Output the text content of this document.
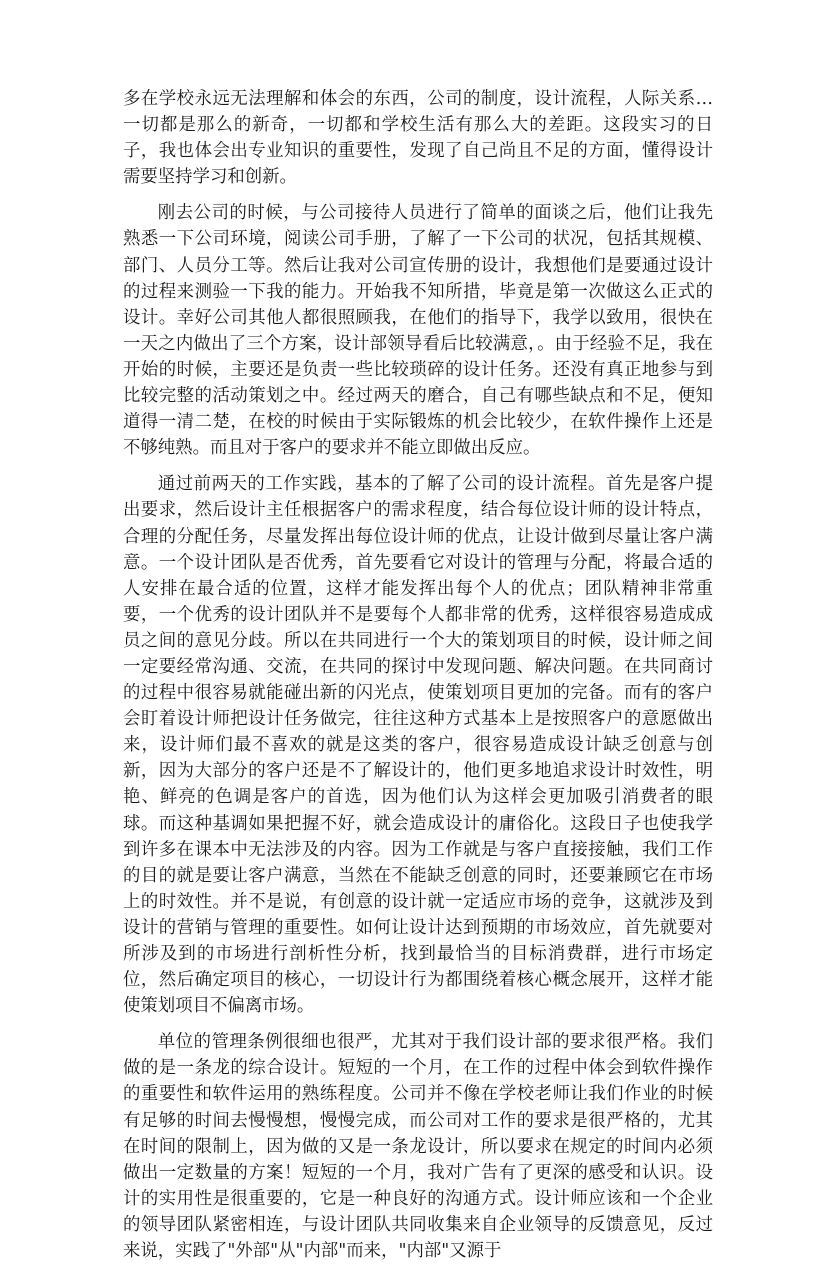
多在学校永远无法理解和体会的东西，公司的制度，设计流程，人际关系…一切都是那么的新奇，一切都和学校生活有那么大的差距。这段实习的日子，我也体会出专业知识的重要性，发现了自己尚且不足的方面，懂得设计需要坚持学习和创新。

刚去公司的时候，与公司接待人员进行了简单的面谈之后，他们让我先熟悉一下公司环境，阅读公司手册，了解了一下公司的状况，包括其规模、部门、人员分工等。然后让我对公司宣传册的设计，我想他们是要通过设计的过程来测验一下我的能力。开始我不知所措，毕竟是第一次做这么正式的设计。幸好公司其他人都很照顾我，在他们的指导下，我学以致用，很快在一天之内做出了三个方案，设计部领导看后比较满意，。由于经验不足，我在开始的时候，主要还是负责一些比较琐碎的设计任务。还没有真正地参与到比较完整的活动策划之中。经过两天的磨合，自己有哪些缺点和不足，便知道得一清二楚，在校的时候由于实际锻炼的机会比较少，在软件操作上还是不够纯熟。而且对于客户的要求并不能立即做出反应。

通过前两天的工作实践，基本的了解了公司的设计流程。首先是客户提出要求，然后设计主任根据客户的需求程度，结合每位设计师的设计特点，合理的分配任务，尽量发挥出每位设计师的优点，让设计做到尽量让客户满意。一个设计团队是否优秀，首先要看它对设计的管理与分配，将最合适的人安排在最合适的位置，这样才能发挥出每个人的优点；团队精神非常重要，一个优秀的设计团队并不是要每个人都非常的优秀，这样很容易造成成员之间的意见分歧。所以在共同进行一个大的策划项目的时候，设计师之间一定要经常沟通、交流，在共同的探讨中发现问题、解决问题。在共同商讨的过程中很容易就能碰出新的闪光点，使策划项目更加的完备。而有的客户会盯着设计师把设计任务做完，往往这种方式基本上是按照客户的意愿做出来，设计师们最不喜欢的就是这类的客户，很容易造成设计缺乏创意与创新，因为大部分的客户还是不了解设计的，他们更多地追求设计时效性，明艳、鲜亮的色调是客户的首选，因为他们认为这样会更加吸引消费者的眼球。而这种基调如果把握不好，就会造成设计的庸俗化。这段日子也使我学到许多在课本中无法涉及的内容。因为工作就是与客户直接接触，我们工作的目的就是要让客户满意，当然在不能缺乏创意的同时，还要兼顾它在市场上的时效性。并不是说，有创意的设计就一定适应市场的竞争，这就涉及到设计的营销与管理的重要性。如何让设计达到预期的市场效应，首先就要对所涉及到的市场进行剖析性分析，找到最恰当的目标消费群，进行市场定位，然后确定项目的核心，一切设计行为都围绕着核心概念展开，这样才能使策划项目不偏离市场。

单位的管理条例很细也很严，尤其对于我们设计部的要求很严格。我们做的是一条龙的综合设计。短短的一个月，在工作的过程中体会到软件操作的重要性和软件运用的熟练程度。公司并不像在学校老师让我们作业的时候有足够的时间去慢慢想，慢慢完成，而公司对工作的要求是很严格的，尤其在时间的限制上，因为做的又是一条龙设计，所以要求在规定的时间内必须做出一定数量的方案！短短的一个月，我对广告有了更深的感受和认识。设计的实用性是很重要的，它是一种良好的沟通方式。设计师应该和一个企业的领导团队紧密相连，与设计团队共同收集来自企业领导的反馈意见，反过来说，实践了"外部"从"内部"而来，"内部"又源于
